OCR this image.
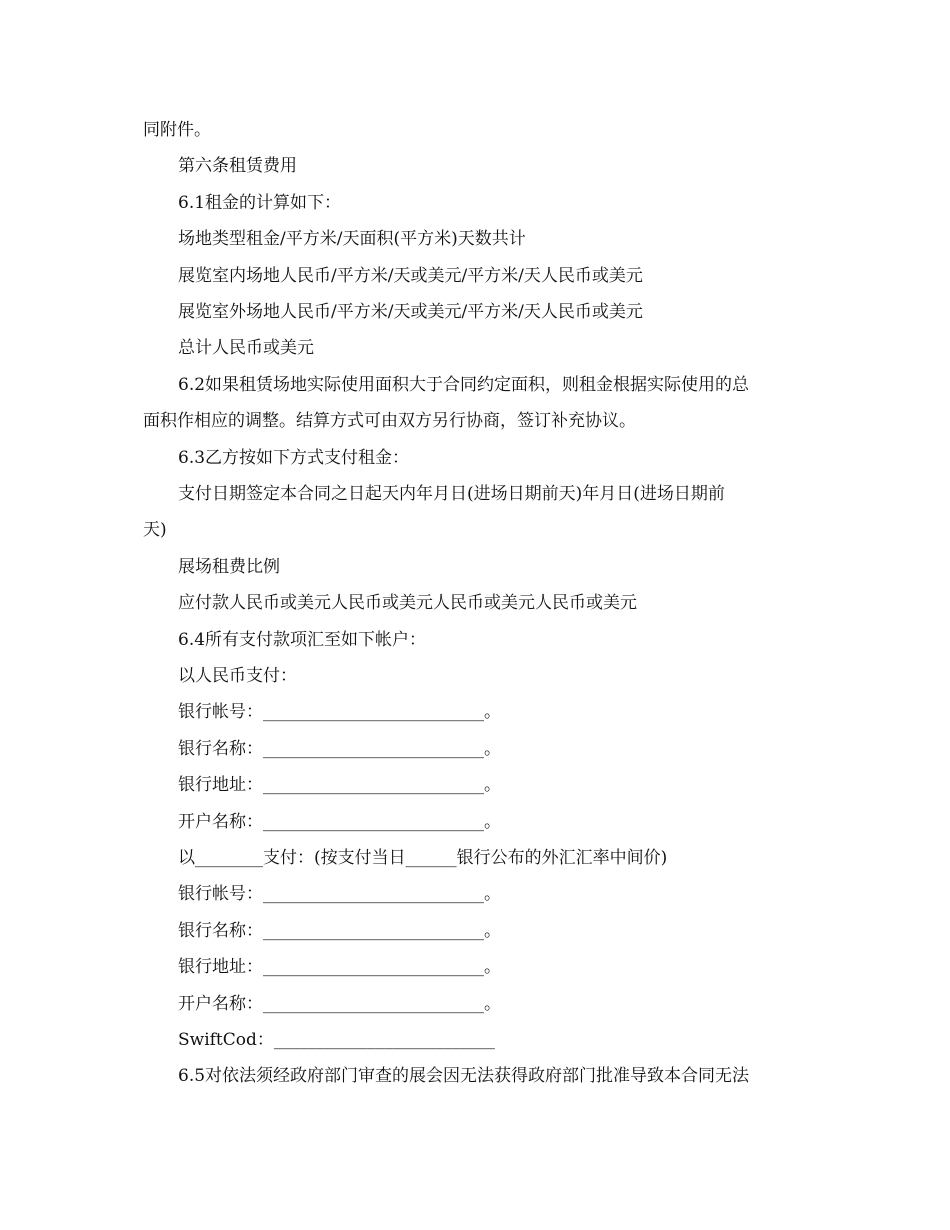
同附件。
第六条租赁费用
6.1租金的计算如下：
场地类型租金/平方米/天面积(平方米)天数共计
展览室内场地人民币/平方米/天或美元/平方米/天人民币或美元
展览室外场地人民币/平方米/天或美元/平方米/天人民币或美元
总计人民币或美元
6.2如果租赁场地实际使用面积大于合同约定面积，则租金根据实际使用的总
面积作相应的调整。结算方式可由双方另行协商，签订补充协议。
6.3乙方按如下方式支付租金：
支付日期签定本合同之日起天内年月日(进场日期前天)年月日(进场日期前
天)
展场租费比例
应付款人民币或美元人民币或美元人民币或美元人民币或美元
6.4所有支付款项汇至如下帐户：
以人民币支付：
银行帐号：__________________________。
银行名称：__________________________。
银行地址：__________________________。
开户名称：__________________________。
以________支付：(按支付当日______银行公布的外汇汇率中间价)
银行帐号：__________________________。
银行名称：__________________________。
银行地址：__________________________。
开户名称：__________________________。
SwiftCod：__________________________
6.5对依法须经政府部门审查的展会因无法获得政府部门批准导致本合同无法
